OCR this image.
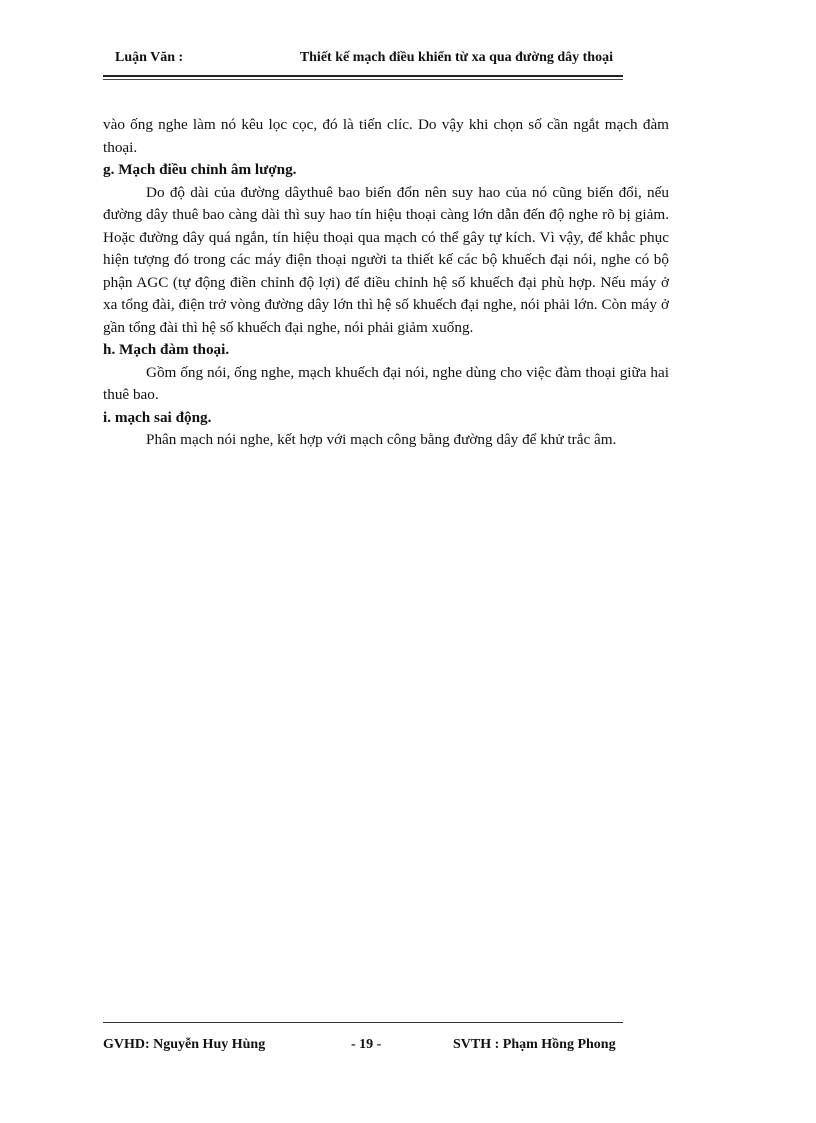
Luận Văn :	Thiết kế mạch điều khiển từ xa qua đường dây thoại

vào ống nghe làm nó kêu lọc cọc, đó là tiến clíc. Do vậy khi chọn số cần ngắt mạch đàm thoại.

g. Mạch điều chỉnh âm lượng.

Do độ dài của đường dâythuê bao biến đổn nên suy hao của nó cũng biến đổi, nếu đường dây thuê bao càng dài thì suy hao tín hiệu thoại càng lớn dẫn đến độ nghe rõ bị giảm. Hoặc đường dây quá ngắn, tín hiệu thoại qua mạch có thể gây tự kích. Vì vậy, để khắc phục hiện tượng đó trong các máy điện thoại người ta thiết kế các bộ khuếch đại nói, nghe có bộ phận AGC (tự động điền chỉnh độ lợi) để điều chỉnh hệ số khuếch đại phù hợp. Nếu máy ở xa tổng đài, điện trở vòng đường dây lớn thì hệ số khuếch đại nghe, nói phải lớn. Còn máy ở gần tổng đài thì hệ số khuếch đại nghe, nói phải giảm xuống.

h. Mạch đàm thoại.

Gồm ống nói, ống nghe, mạch khuếch đại nói, nghe dùng cho việc đàm thoại giữa hai thuê bao.

i. mạch sai động.

Phân mạch nói nghe, kết hợp với mạch công bằng đường dây để khử trắc âm.

GVHD: Nguyễn Huy Hùng	- 19 -	SVTH : Phạm Hồng Phong
